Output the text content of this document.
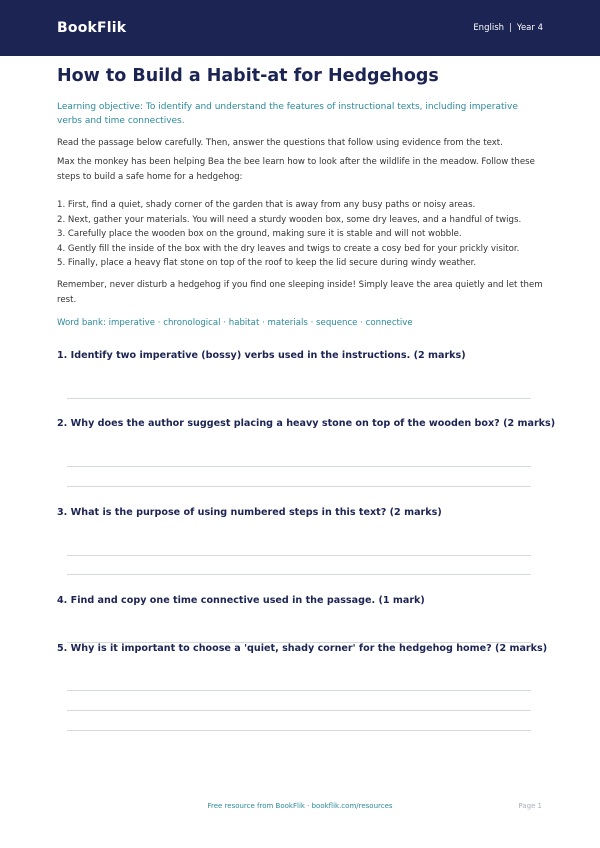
BookFlik	English | Year 4
How to Build a Habit-at for Hedgehogs

Learning objective: To identify and understand the features of instructional texts, including imperative verbs and time connectives.

Read the passage below carefully. Then, answer the questions that follow using evidence from the text.

Max the monkey has been helping Bea the bee learn how to look after the wildlife in the meadow. Follow these steps to build a safe home for a hedgehog:

1. First, find a quiet, shady corner of the garden that is away from any busy paths or noisy areas.
2. Next, gather your materials. You will need a sturdy wooden box, some dry leaves, and a handful of twigs.
3. Carefully place the wooden box on the ground, making sure it is stable and will not wobble.
4. Gently fill the inside of the box with the dry leaves and twigs to create a cosy bed for your prickly visitor.
5. Finally, place a heavy flat stone on top of the roof to keep the lid secure during windy weather.

Remember, never disturb a hedgehog if you find one sleeping inside! Simply leave the area quietly and let them rest.

Word bank: imperative · chronological · habitat · materials · sequence · connective

1. Identify two imperative (bossy) verbs used in the instructions. (2 marks)
2. Why does the author suggest placing a heavy stone on top of the wooden box? (2 marks)
3. What is the purpose of using numbered steps in this text? (2 marks)
4. Find and copy one time connective used in the passage. (1 mark)
5. Why is it important to choose a 'quiet, shady corner' for the hedgehog home? (2 marks)
Free resource from BookFlik · bookflik.com/resources	Page 1
